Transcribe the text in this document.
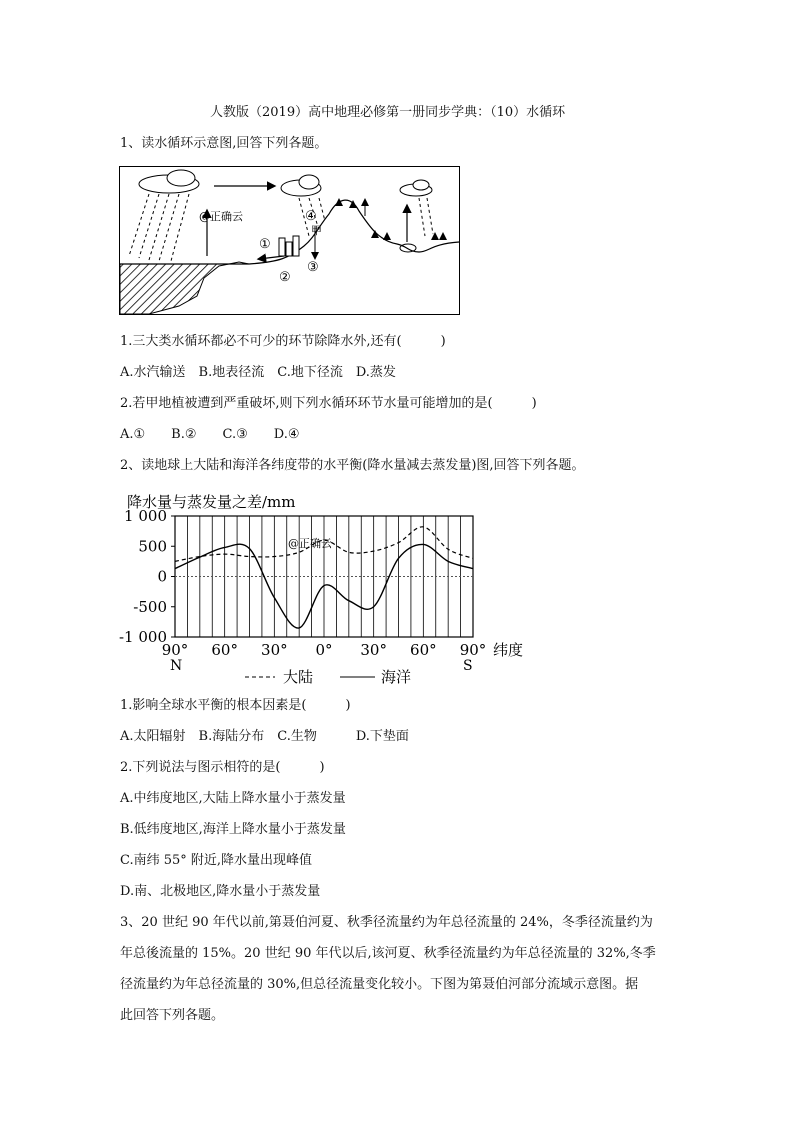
人教版（2019）高中地理必修第一册同步学典：（10）水循环
1、读水循环示意图,回答下列各题。
@正确云
①
②
③
④
甲
1.三大类水循环都必不可少的环节除降水外,还有(　　　)
A.水汽输送　B.地表径流　C.地下径流　D.蒸发
2.若甲地植被遭到严重破坏,则下列水循环环节水量可能增加的是(　　　)
A.①　　B.②　　C.③　　D.④
2、读地球上大陆和海洋各纬度带的水平衡(降水量减去蒸发量)图,回答下列各题。
降水量与蒸发量之差/mm
1 000
500
0
-500
-1 000
90° 60° 30° 0° 30° 60° 90°
@正确云
纬度
N	S
大陆	海洋
1.影响全球水平衡的根本因素是(　　　)
A.太阳辐射　B.海陆分布　C.生物　　　D.下垫面
2.下列说法与图示相符的是(　　　)
A.中纬度地区,大陆上降水量小于蒸发量
B.低纬度地区,海洋上降水量小于蒸发量
C.南纬 55° 附近,降水量出现峰值
D.南、北极地区,降水量小于蒸发量
3、20 世纪 90 年代以前,第聂伯河夏、秋季径流量约为年总径流量的 24%，冬季径流量约为
年总後流量的 15%。20 世纪 90 年代以后,该河夏、秋季径流量约为年总径流量的 32%,冬季
径流量约为年总径流量的 30%,但总径流量变化较小。下图为第聂伯河部分流域示意图。据
此回答下列各题。
